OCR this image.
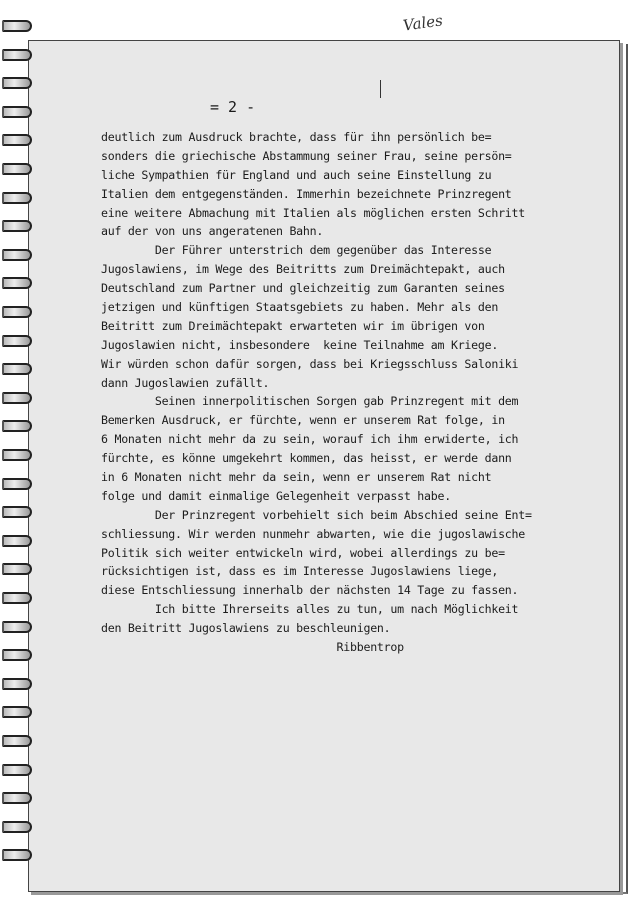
Vales
= 2 -
deutlich zum Ausdruck brachte, dass für ihn persönlich be=
sonders die griechische Abstammung seiner Frau, seine persön=
liche Sympathien für England und auch seine Einstellung zu
Italien dem entgegenständen. Immerhin bezeichnete Prinzregent
eine weitere Abmachung mit Italien als möglichen ersten Schritt
auf der von uns angeratenen Bahn.
Der Führer unterstrich dem gegenüber das Interesse
Jugoslawiens, im Wege des Beitritts zum Dreimächtepakt, auch
Deutschland zum Partner und gleichzeitig zum Garanten seines
jetzigen und künftigen Staatsgebiets zu haben. Mehr als den
Beitritt zum Dreimächtepakt erwarteten wir im übrigen von
Jugoslawien nicht, insbesondere  keine Teilnahme am Kriege.
Wir würden schon dafür sorgen, dass bei Kriegsschluss Saloniki
dann Jugoslawien zufällt.
Seinen innerpolitischen Sorgen gab Prinzregent mit dem
Bemerken Ausdruck, er fürchte, wenn er unserem Rat folge, in
6 Monaten nicht mehr da zu sein, worauf ich ihm erwiderte, ich
fürchte, es könne umgekehrt kommen, das heisst, er werde dann
in 6 Monaten nicht mehr da sein, wenn er unserem Rat nicht
folge und damit einmalige Gelegenheit verpasst habe.
Der Prinzregent vorbehielt sich beim Abschied seine Ent=
schliessung. Wir werden nunmehr abwarten, wie die jugoslawische
Politik sich weiter entwickeln wird, wobei allerdings zu be=
rücksichtigen ist, dass es im Interesse Jugoslawiens liege,
diese Entschliessung innerhalb der nächsten 14 Tage zu fassen.
Ich bitte Ihrerseits alles zu tun, um nach Möglichkeit
den Beitritt Jugoslawiens zu beschleunigen.
Ribbentrop
